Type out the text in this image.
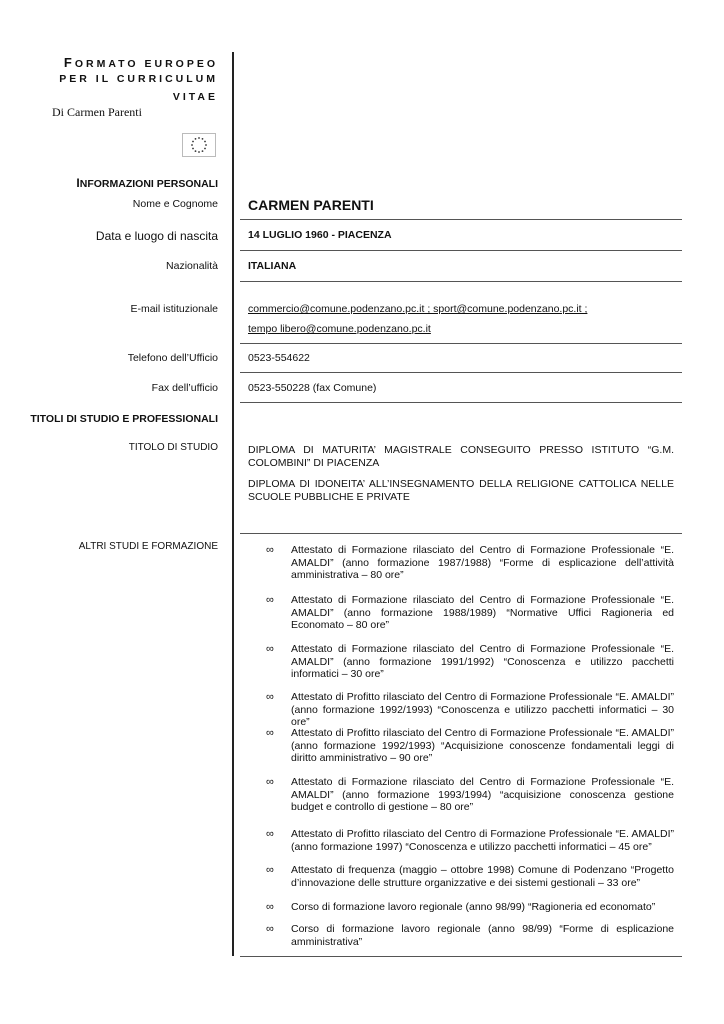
FORMATO EUROPEO
PER IL CURRICULUM
VITAE
Di Carmen Parenti
INFORMAZIONI PERSONALI
Nome e Cognome CARMEN PARENTI
Data e luogo di nascita	14 LUGLIO 1960 - PIACENZA
Nazionalità	ITALIANA
E-mail istituzionale	commercio@comune.podenzano.pc.it ; sport@comune.podenzano.pc.it ;
tempo libero@comune.podenzano.pc.it
Telefono dell’Ufficio	0523-554622
Fax dell’ufficio	0523-550228 (fax Comune)
TITOLI DI STUDIO E PROFESSIONALI
TITOLO DI STUDIO	DIPLOMA DI MATURITA’ MAGISTRALE CONSEGUITO PRESSO ISTITUTO “G.M. COLOMBINI” DI PIACENZA
DIPLOMA DI IDONEITA’ ALL’INSEGNAMENTO DELLA RELIGIONE CATTOLICA NELLE SCUOLE PUBBLICHE E PRIVATE
ALTRI STUDI E FORMAZIONE	∞	Attestato di Formazione rilasciato del Centro di Formazione Professionale “E. AMALDI” (anno formazione 1987/1988) “Forme di esplicazione dell’attività amministrativa – 80 ore”
∞	Attestato di Formazione rilasciato del Centro di Formazione Professionale “E. AMALDI” (anno formazione 1988/1989) “Normative Uffici Ragioneria ed Economato – 80 ore”
∞	Attestato di Formazione rilasciato del Centro di Formazione Professionale “E. AMALDI” (anno formazione 1991/1992) “Conoscenza e utilizzo pacchetti informatici – 30 ore”
∞	Attestato di Profitto rilasciato del Centro di Formazione Professionale “E. AMALDI” (anno formazione 1992/1993) “Conoscenza e utilizzo pacchetti informatici – 30 ore”
∞	Attestato di Profitto rilasciato del Centro di Formazione Professionale “E. AMALDI” (anno formazione 1992/1993) “Acquisizione conoscenze fondamentali leggi di diritto amministrativo – 90 ore”
∞	Attestato di Formazione rilasciato del Centro di Formazione Professionale “E. AMALDI” (anno formazione 1993/1994) “acquisizione conoscenza gestione budget e controllo di gestione – 80 ore”
∞	Attestato di Profitto rilasciato del Centro di Formazione Professionale “E. AMALDI” (anno formazione 1997) “Conoscenza e utilizzo pacchetti informatici – 45 ore”
∞	Attestato di frequenza (maggio – ottobre 1998) Comune di Podenzano “Progetto d’innovazione delle strutture organizzative e dei sistemi gestionali – 33 ore”
∞	Corso di formazione lavoro regionale (anno 98/99) “Ragioneria ed economato”
∞	Corso di formazione lavoro regionale (anno 98/99) “Forme di esplicazione amministrativa”
